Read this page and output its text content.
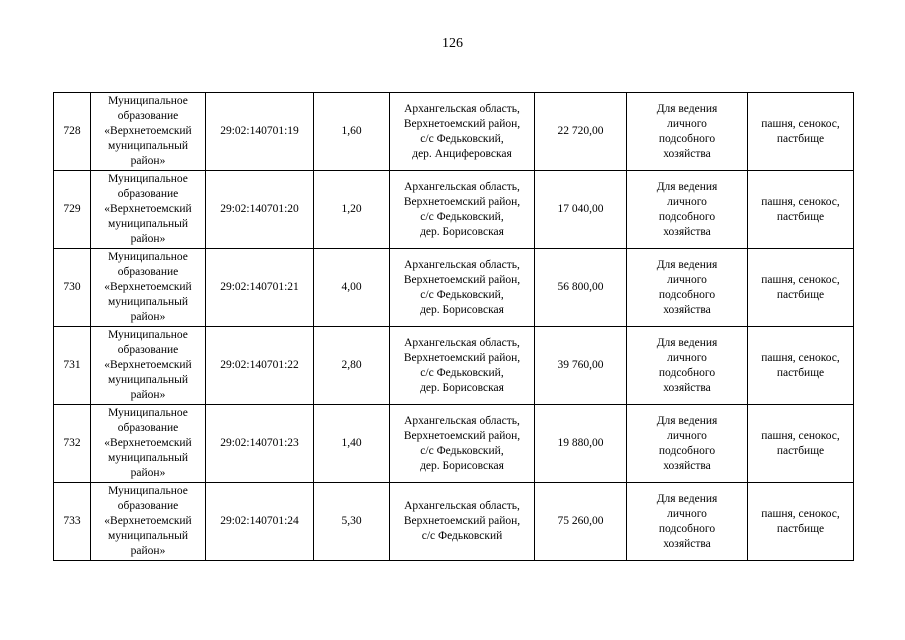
126
728	Муниципальное
образование
«Верхнетоемский
муниципальный
район»	29:02:140701:19	1,60	Архангельская область,
Верхнетоемский район,
с/с Федьковский,
дер. Анциферовская	22 720,00	Для ведения
личного
подсобного
хозяйства	пашня, сенокос,
пастбище
729	Муниципальное
образование
«Верхнетоемский
муниципальный
район»	29:02:140701:20	1,20	Архангельская область,
Верхнетоемский район,
с/с Федьковский,
дер. Борисовская	17 040,00	Для ведения
личного
подсобного
хозяйства	пашня, сенокос,
пастбище
730	Муниципальное
образование
«Верхнетоемский
муниципальный
район»	29:02:140701:21	4,00	Архангельская область,
Верхнетоемский район,
с/с Федьковский,
дер. Борисовская	56 800,00	Для ведения
личного
подсобного
хозяйства	пашня, сенокос,
пастбище
731	Муниципальное
образование
«Верхнетоемский
муниципальный
район»	29:02:140701:22	2,80	Архангельская область,
Верхнетоемский район,
с/с Федьковский,
дер. Борисовская	39 760,00	Для ведения
личного
подсобного
хозяйства	пашня, сенокос,
пастбище
732	Муниципальное
образование
«Верхнетоемский
муниципальный
район»	29:02:140701:23	1,40	Архангельская область,
Верхнетоемский район,
с/с Федьковский,
дер. Борисовская	19 880,00	Для ведения
личного
подсобного
хозяйства	пашня, сенокос,
пастбище
733	Муниципальное
образование
«Верхнетоемский
муниципальный
район»	29:02:140701:24	5,30	Архангельская область,
Верхнетоемский район,
с/с Федьковский	75 260,00	Для ведения
личного
подсобного
хозяйства	пашня, сенокос,
пастбище
